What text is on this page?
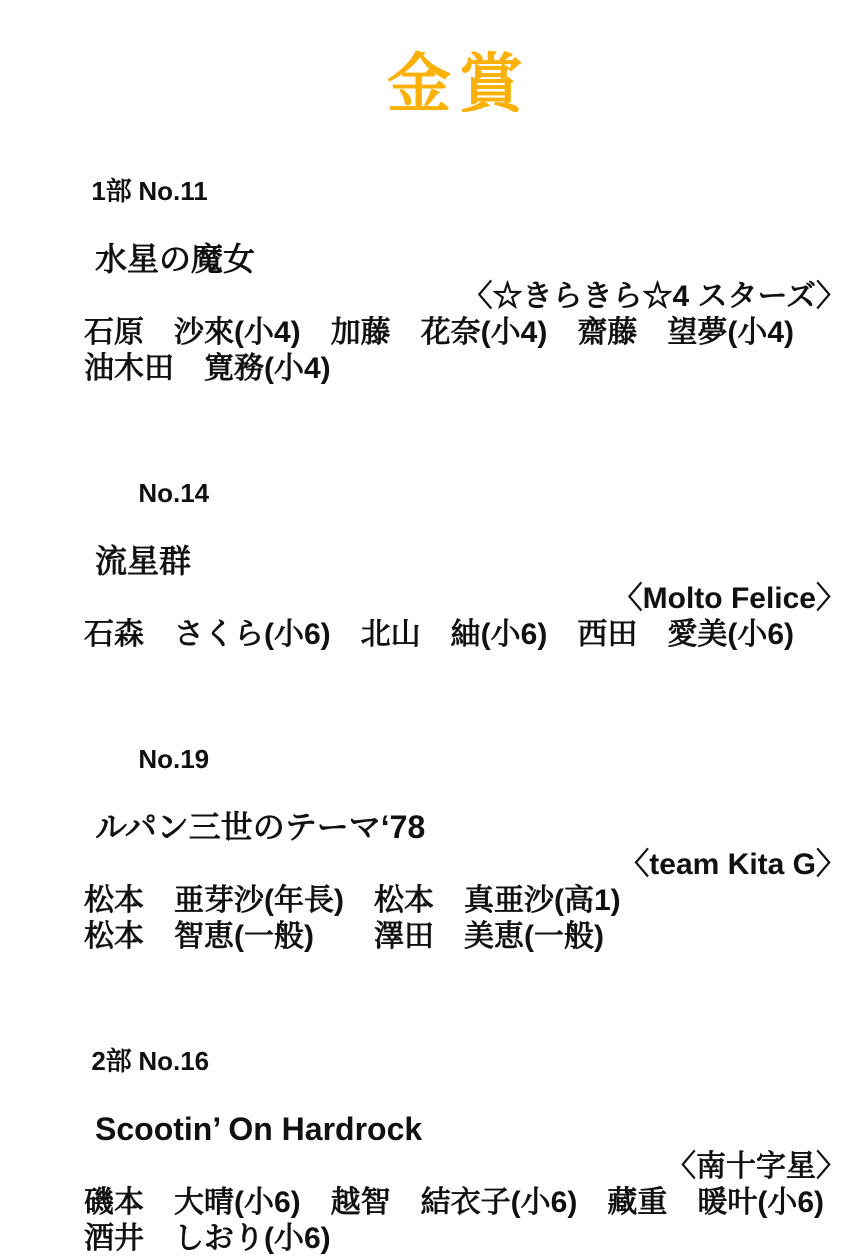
金賞

1部 No.11

水星の魔女
〈☆きらきら☆4 スターズ〉
石原　沙來(小4)　加藤　花奈(小4)　齋藤　望夢(小4)
油木田　寛務(小4)

No.14

流星群
〈Molto Felice〉
石森　さくら(小6)　北山　紬(小6)　西田　愛美(小6)

No.19

ルパン三世のテーマ‘78
〈team Kita G〉
松本　亜芽沙(年長)　松本　真亜沙(高1)
松本　智恵(一般)　　澤田　美恵(一般)

2部 No.16

Scootin’ On Hardrock
〈南十字星〉
磯本　大晴(小6)　越智　結衣子(小6)　藏重　暖叶(小6)
酒井　しおり(小6)
